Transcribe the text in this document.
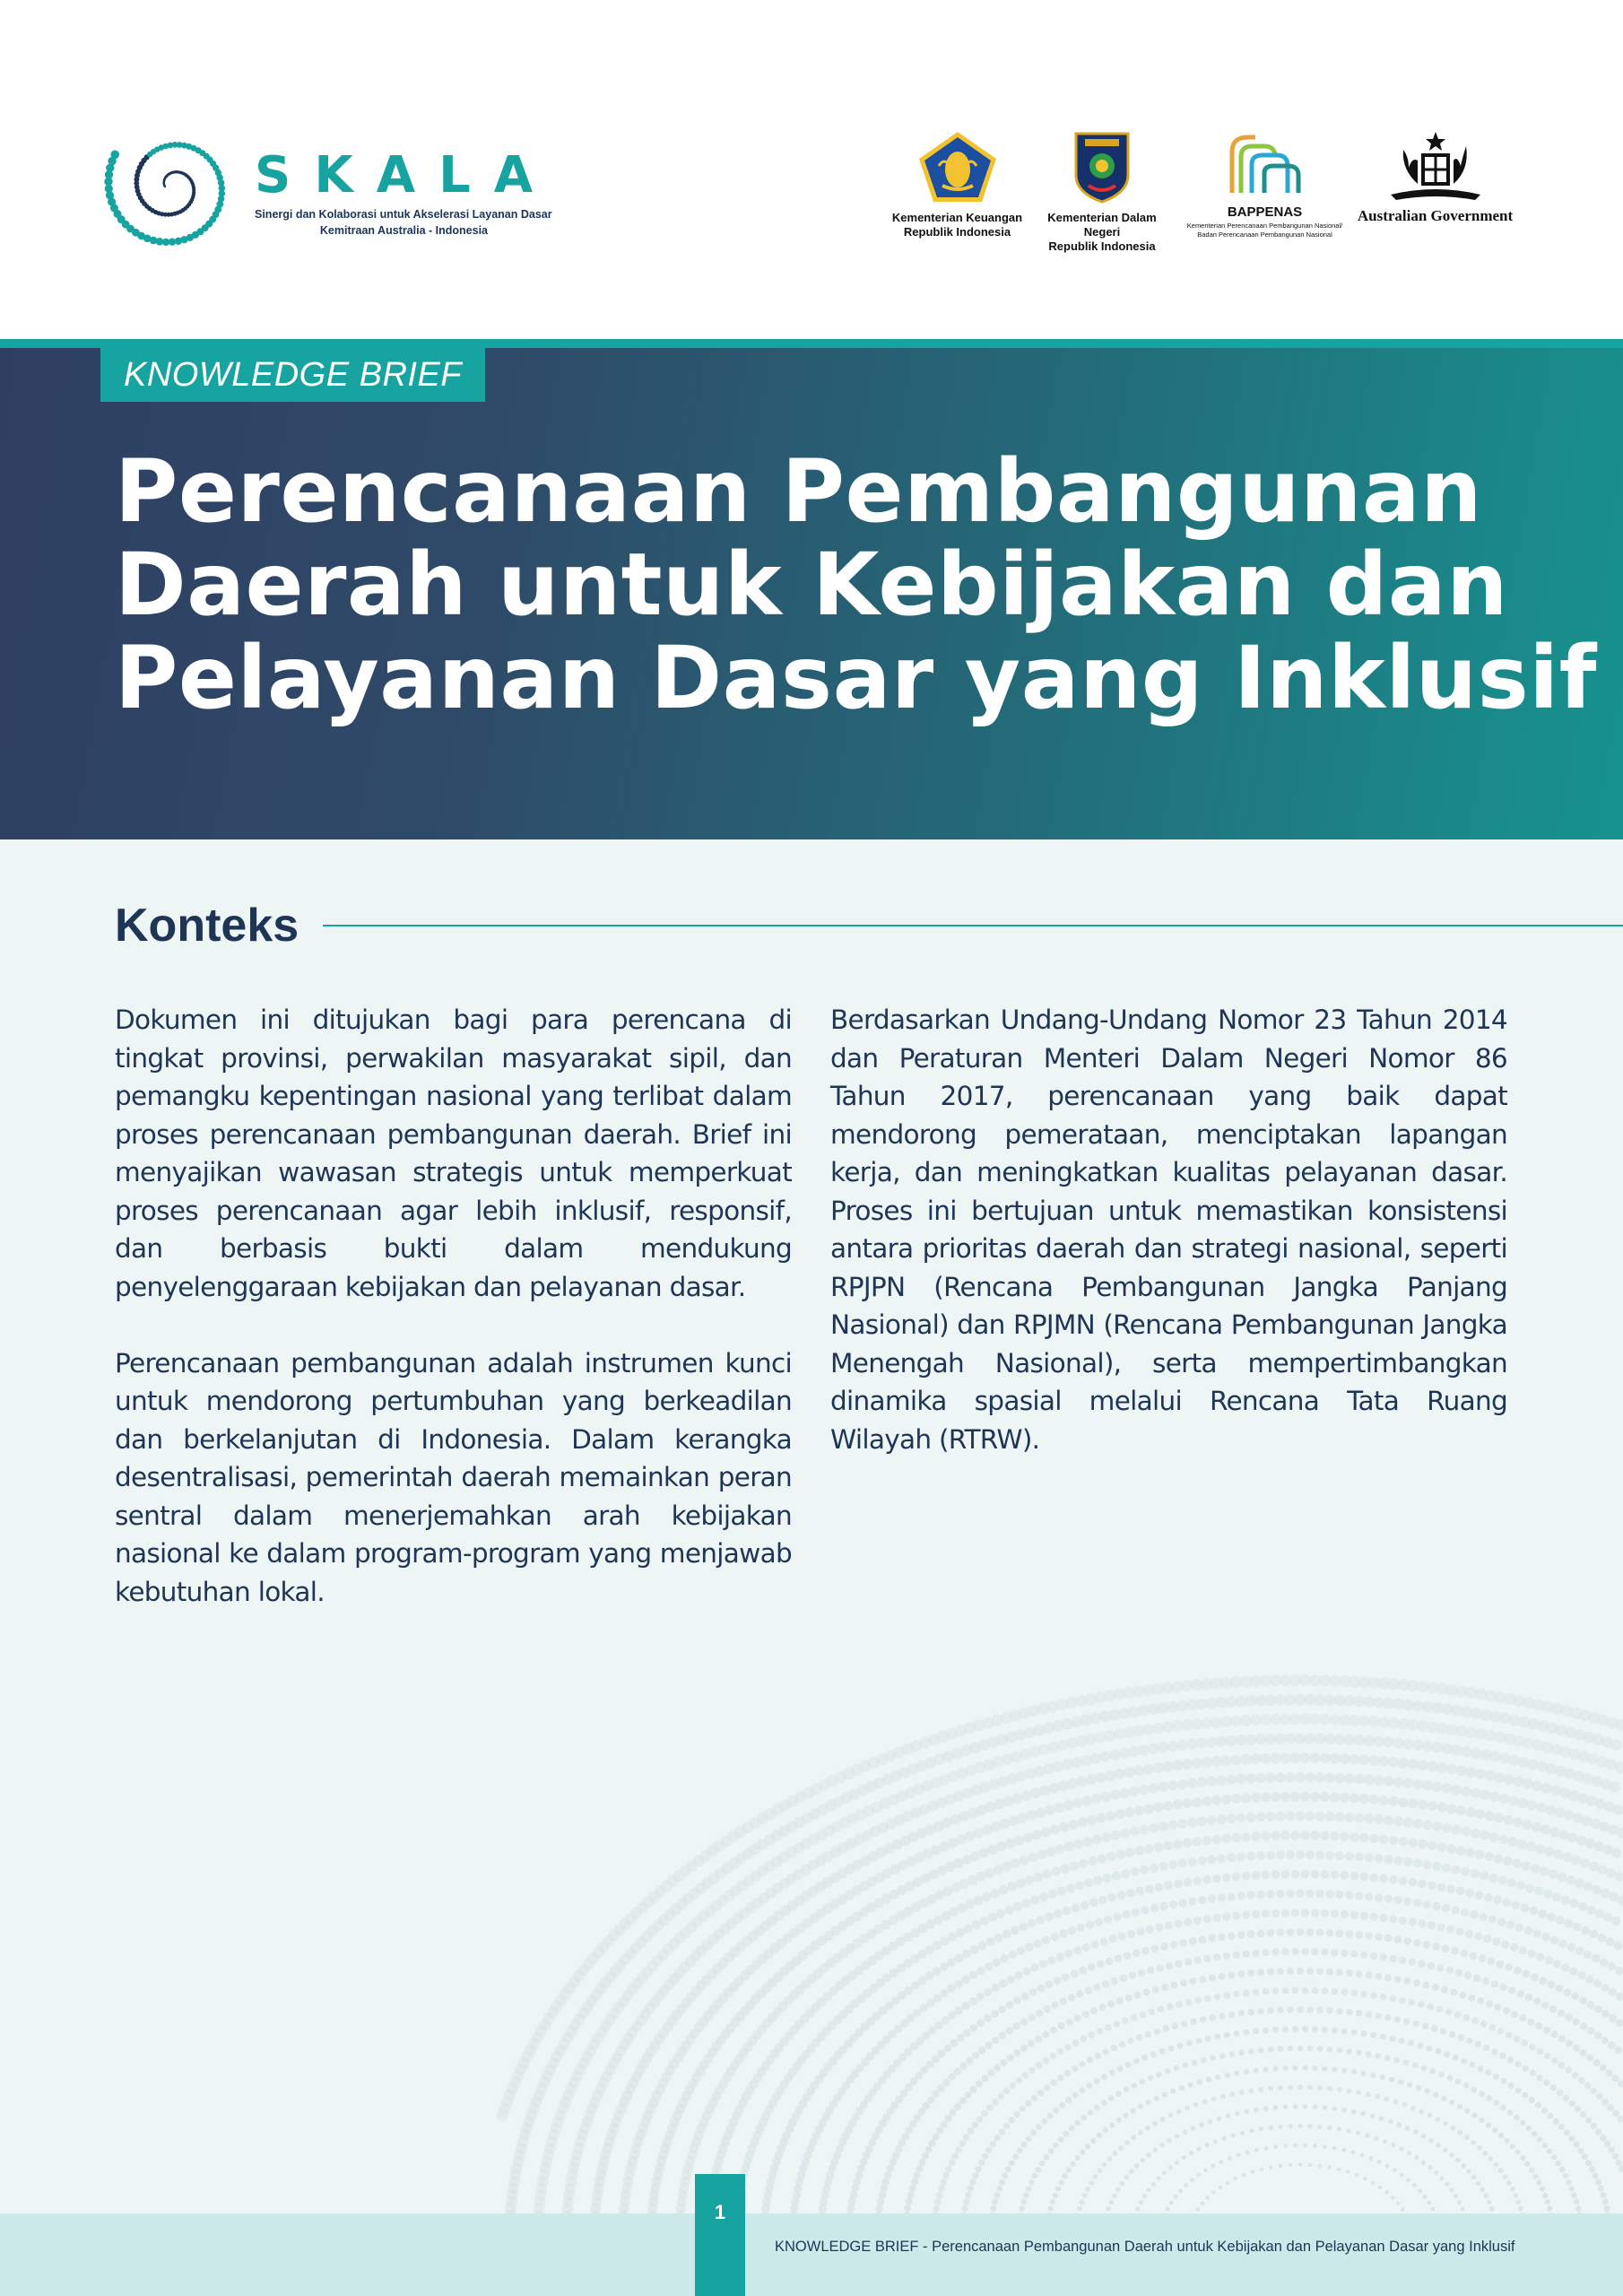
SKALA
Sinergi dan Kolaborasi untuk Akselerasi Layanan Dasar
Kemitraan Australia - Indonesia
Kementerian Keuangan
Republik Indonesia
Kementerian Dalam Negeri
Republik Indonesia
BAPPENAS
Kementerian Perencanaan Pembangunan Nasional/
Badan Perencanaan Pembangunan Nasional
Australian Government
KNOWLEDGE BRIEF
Perencanaan Pembangunan
Daerah untuk Kebijakan dan
Pelayanan Dasar yang Inklusif
Konteks

Dokumen ini ditujukan bagi para perencana di tingkat provinsi, perwakilan masyarakat sipil, dan pemangku kepentingan nasional yang terlibat dalam proses perencanaan pembangunan daerah. Brief ini menyajikan wawasan strategis untuk memperkuat proses perencanaan agar lebih inklusif, responsif, dan berbasis bukti dalam mendukung penyelenggaraan kebijakan dan pelayanan dasar.

Perencanaan pembangunan adalah instrumen kunci untuk mendorong pertumbuhan yang berkeadilan dan berkelanjutan di Indonesia. Dalam kerangka desentralisasi, pemerintah daerah memainkan peran sentral dalam menerjemahkan arah kebijakan nasional ke dalam program-program yang menjawab kebutuhan lokal.

Berdasarkan Undang-Undang Nomor 23 Tahun 2014 dan Peraturan Menteri Dalam Negeri Nomor 86 Tahun 2017, perencanaan yang baik dapat mendorong pemerataan, menciptakan lapangan kerja, dan meningkatkan kualitas pelayanan dasar. Proses ini bertujuan untuk memastikan konsistensi antara prioritas daerah dan strategi nasional, seperti RPJPN (Rencana Pembangunan Jangka Panjang Nasional) dan RPJMN (Rencana Pembangunan Jangka Menengah Nasional), serta mempertimbangkan dinamika spasial melalui Rencana Tata Ruang Wilayah (RTRW).

1
KNOWLEDGE BRIEF - Perencanaan Pembangunan Daerah untuk Kebijakan dan Pelayanan Dasar yang Inklusif
